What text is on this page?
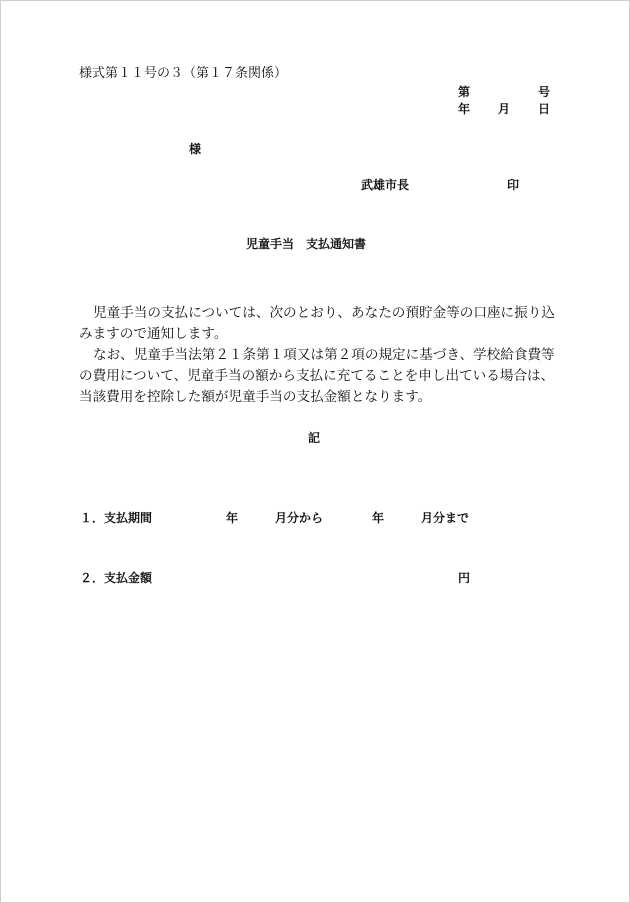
様式第１１号の３（第１７条関係）
第	号
年 月 日
様
武雄市長	印
児童手当　支払通知書
児童手当の支払については、次のとおり、あなたの預貯金等の口座に振り込
みますので通知します。
なお、児童手当法第２１条第１項又は第２項の規定に基づき、学校給食費等
の費用について、児童手当の額から支払に充てることを申し出ている場合は、
当該費用を控除した額が児童手当の支払金額となります。
記
１．支払期間	年	月分から	年	月分まで
２．支払金額	円
